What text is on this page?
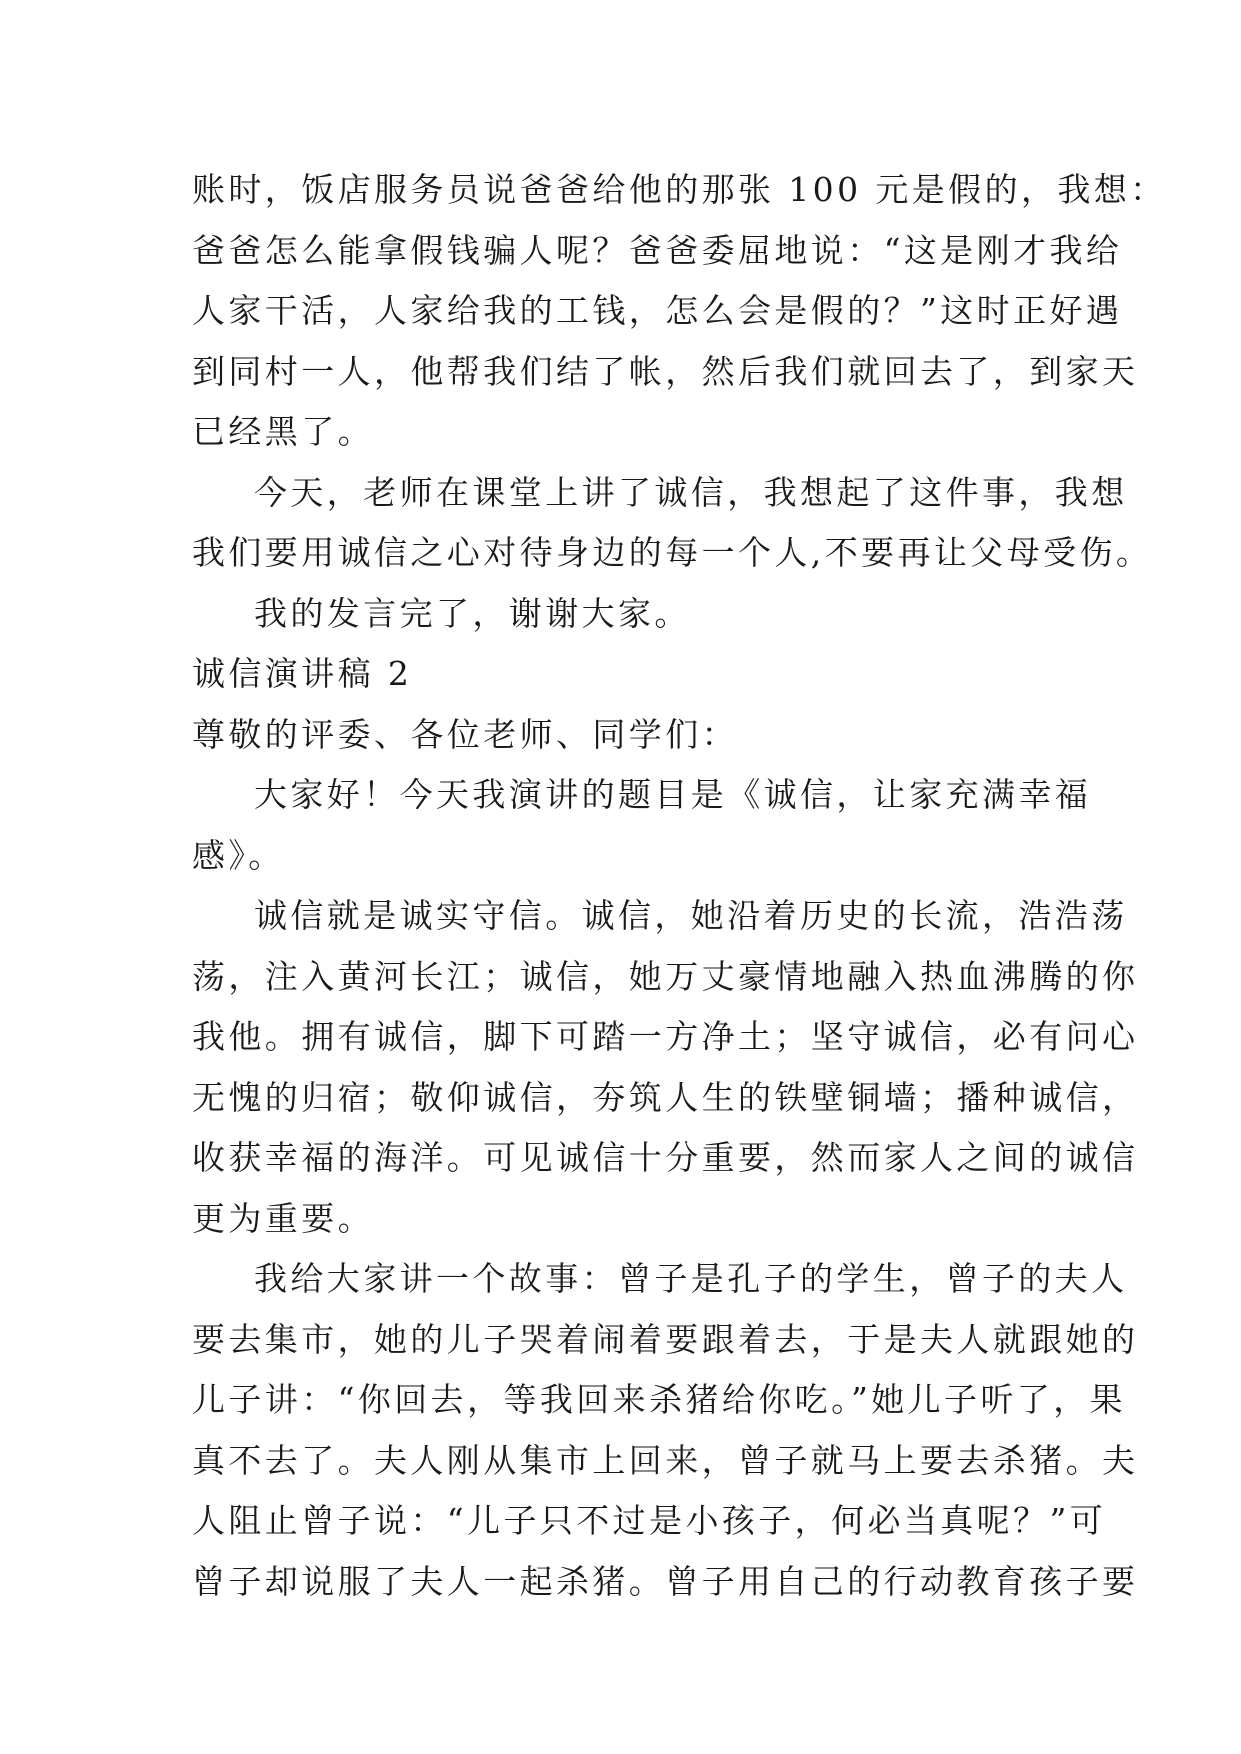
账时，饭店服务员说爸爸给他的那张 100 元是假的，我想：
爸爸怎么能拿假钱骗人呢？爸爸委屈地说：“这是刚才我给
人家干活，人家给我的工钱，怎么会是假的？”这时正好遇
到同村一人，他帮我们结了帐，然后我们就回去了，到家天
已经黑了。
今天，老师在课堂上讲了诚信，我想起了这件事，我想
我们要用诚信之心对待身边的每一个人,不要再让父母受伤。
我的发言完了，谢谢大家。
诚信演讲稿 2
尊敬的评委、各位老师、同学们：
大家好！今天我演讲的题目是《诚信，让家充满幸福
感》。
诚信就是诚实守信。诚信，她沿着历史的长流，浩浩荡
荡，注入黄河长江；诚信，她万丈豪情地融入热血沸腾的你
我他。拥有诚信，脚下可踏一方净土；坚守诚信，必有问心
无愧的归宿；敬仰诚信，夯筑人生的铁壁铜墙；播种诚信，
收获幸福的海洋。可见诚信十分重要，然而家人之间的诚信
更为重要。
我给大家讲一个故事：曾子是孔子的学生，曾子的夫人
要去集市，她的儿子哭着闹着要跟着去，于是夫人就跟她的
儿子讲：“你回去，等我回来杀猪给你吃。”她儿子听了，果
真不去了。夫人刚从集市上回来，曾子就马上要去杀猪。夫
人阻止曾子说：“儿子只不过是小孩子，何必当真呢？”可
曾子却说服了夫人一起杀猪。曾子用自己的行动教育孩子要
